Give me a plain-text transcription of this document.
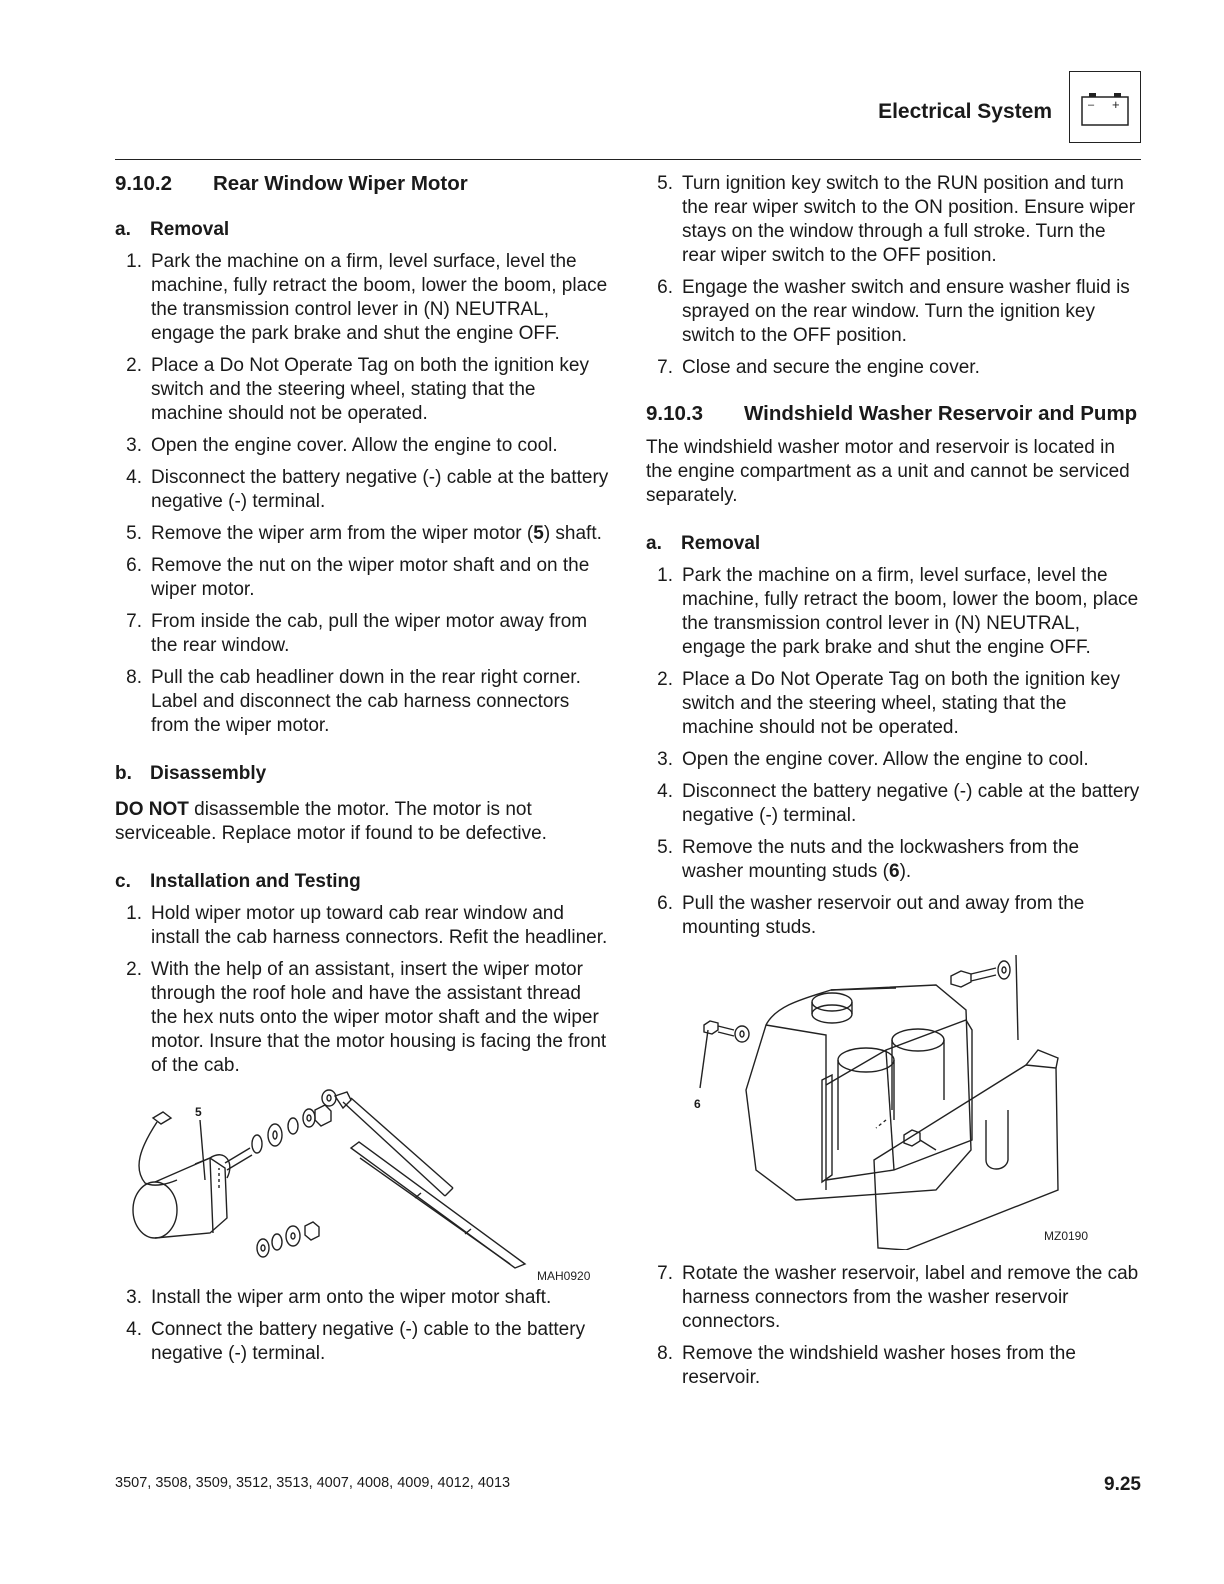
Electrical System	– +
9.10.2	Rear Window Wiper Motor
a. Removal
1. Park the machine on a firm, level surface, level the machine, fully retract the boom, lower the boom, place the transmission control lever in (N) NEUTRAL, engage the park brake and shut the engine OFF.
2. Place a Do Not Operate Tag on both the ignition key switch and the steering wheel, stating that the machine should not be operated.
3. Open the engine cover. Allow the engine to cool.
4. Disconnect the battery negative (-) cable at the battery negative (-) terminal.
5. Remove the wiper arm from the wiper motor (5) shaft.
6. Remove the nut on the wiper motor shaft and on the wiper motor.
7. From inside the cab, pull the wiper motor away from the rear window.
8. Pull the cab headliner down in the rear right corner. Label and disconnect the cab harness connectors from the wiper motor.
b. Disassembly
DO NOT disassemble the motor. The motor is not serviceable. Replace motor if found to be defective.
c. Installation and Testing
1. Hold wiper motor up toward cab rear window and install the cab harness connectors. Refit the headliner.
2. With the help of an assistant, insert the wiper motor through the roof hole and have the assistant thread the hex nuts onto the wiper motor shaft and the wiper motor. Insure that the motor housing is facing the front of the cab.
5
MAH0920
3. Install the wiper arm onto the wiper motor shaft.
4. Connect the battery negative (-) cable to the battery negative (-) terminal.
5. Turn ignition key switch to the RUN position and turn the rear wiper switch to the ON position. Ensure wiper stays on the window through a full stroke. Turn the rear wiper switch to the OFF position.
6. Engage the washer switch and ensure washer fluid is sprayed on the rear window. Turn the ignition key switch to the OFF position.
7. Close and secure the engine cover.
9.10.3	Windshield Washer Reservoir and Pump
The windshield washer motor and reservoir is located in the engine compartment as a unit and cannot be serviced separately.
a. Removal
1. Park the machine on a firm, level surface, level the machine, fully retract the boom, lower the boom, place the transmission control lever in (N) NEUTRAL, engage the park brake and shut the engine OFF.
2. Place a Do Not Operate Tag on both the ignition key switch and the steering wheel, stating that the machine should not be operated.
3. Open the engine cover. Allow the engine to cool.
4. Disconnect the battery negative (-) cable at the battery negative (-) terminal.
5. Remove the nuts and the lockwashers from the washer mounting studs (6).
6. Pull the washer reservoir out and away from the mounting studs.
6
MZ0190
7. Rotate the washer reservoir, label and remove the cab harness connectors from the washer reservoir connectors.
8. Remove the windshield washer hoses from the reservoir.
3507, 3508, 3509, 3512, 3513, 4007, 4008, 4009, 4012, 4013	9.25
